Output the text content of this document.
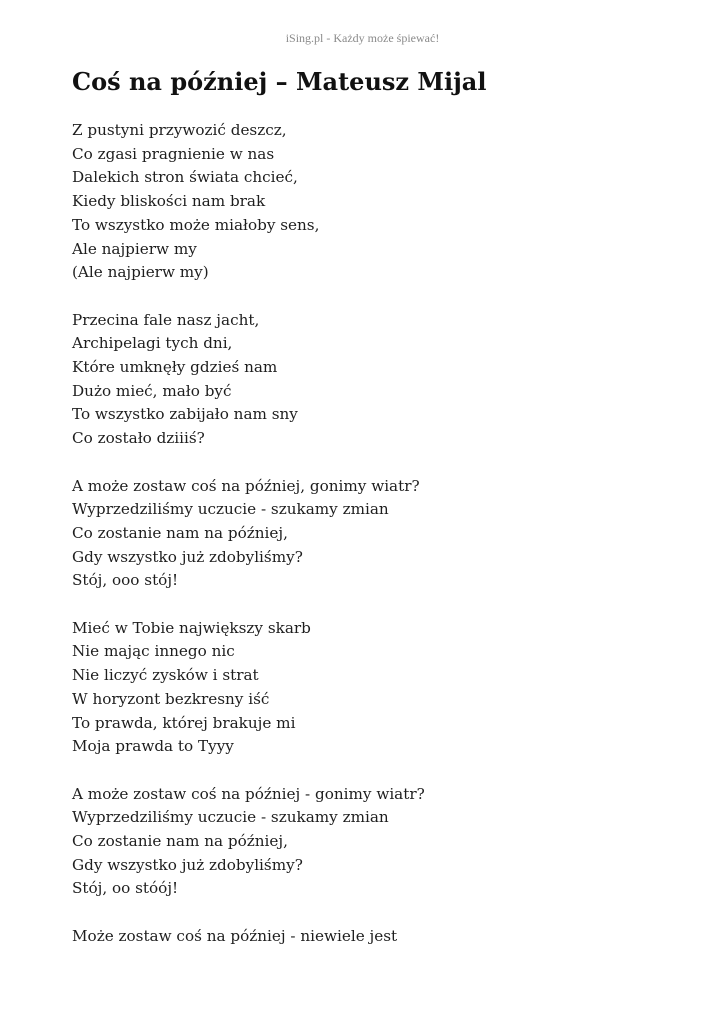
iSing.pl - Każdy może śpiewać!
Coś na później – Mateusz Mijal
Z pustyni przywozić deszcz,
Co zgasi pragnienie w nas
Dalekich stron świata chcieć,
Kiedy bliskości nam brak
To wszystko może miałoby sens,
Ale najpierw my
(Ale najpierw my)
Przecina fale nasz jacht,
Archipelagi tych dni,
Które umknęły gdzieś nam
Dużo mieć, mało być
To wszystko zabijało nam sny
Co zostało dziiiś?
A może zostaw coś na później, gonimy wiatr?
Wyprzedziliśmy uczucie - szukamy zmian
Co zostanie nam na później,
Gdy wszystko już zdobyliśmy?
Stój, ooo stój!
Mieć w Tobie największy skarb
Nie mając innego nic
Nie liczyć zysków i strat
W horyzont bezkresny iść
To prawda, której brakuje mi
Moja prawda to Tyyy
A może zostaw coś na później - gonimy wiatr?
Wyprzedziliśmy uczucie - szukamy zmian
Co zostanie nam na później,
Gdy wszystko już zdobyliśmy?
Stój, oo stóój!
Może zostaw coś na później - niewiele jest
